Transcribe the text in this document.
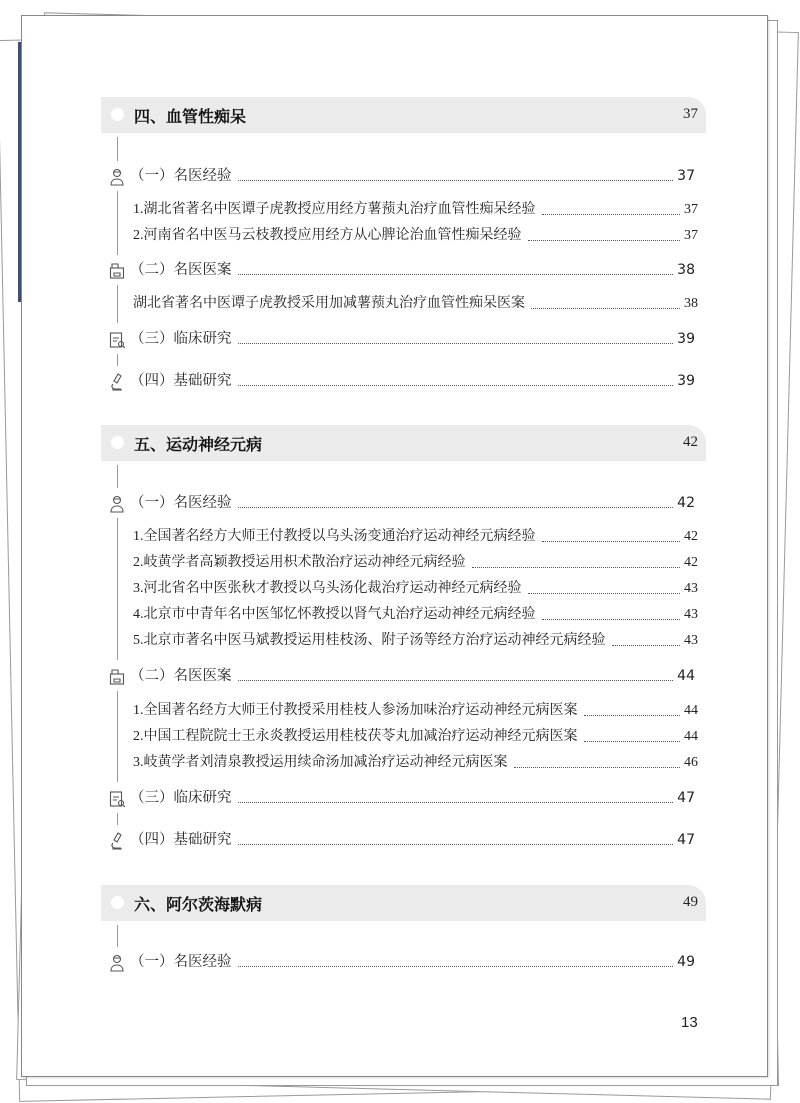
四、血管性痴呆	37
（一）名医经验	37
1.湖北省著名中医谭子虎教授应用经方薯蓣丸治疗血管性痴呆经验	37
2.河南省名中医马云枝教授应用经方从心脾论治血管性痴呆经验	37
（二）名医医案	38
湖北省著名中医谭子虎教授采用加减薯蓣丸治疗血管性痴呆医案	38
（三）临床研究	39
（四）基础研究	39
五、运动神经元病	42
（一）名医经验	42
1.全国著名经方大师王付教授以乌头汤变通治疗运动神经元病经验	42
2.岐黄学者高颖教授运用枳术散治疗运动神经元病经验	42
3.河北省名中医张秋才教授以乌头汤化裁治疗运动神经元病经验	43
4.北京市中青年名中医邹忆怀教授以肾气丸治疗运动神经元病经验	43
5.北京市著名中医马斌教授运用桂枝汤、附子汤等经方治疗运动神经元病经验	43
（二）名医医案	44
1.全国著名经方大师王付教授采用桂枝人参汤加味治疗运动神经元病医案	44
2.中国工程院院士王永炎教授运用桂枝茯苓丸加减治疗运动神经元病医案	44
3.岐黄学者刘清泉教授运用续命汤加减治疗运动神经元病医案	46
（三）临床研究	47
（四）基础研究	47
六、阿尔茨海默病	49
（一）名医经验	49
13
